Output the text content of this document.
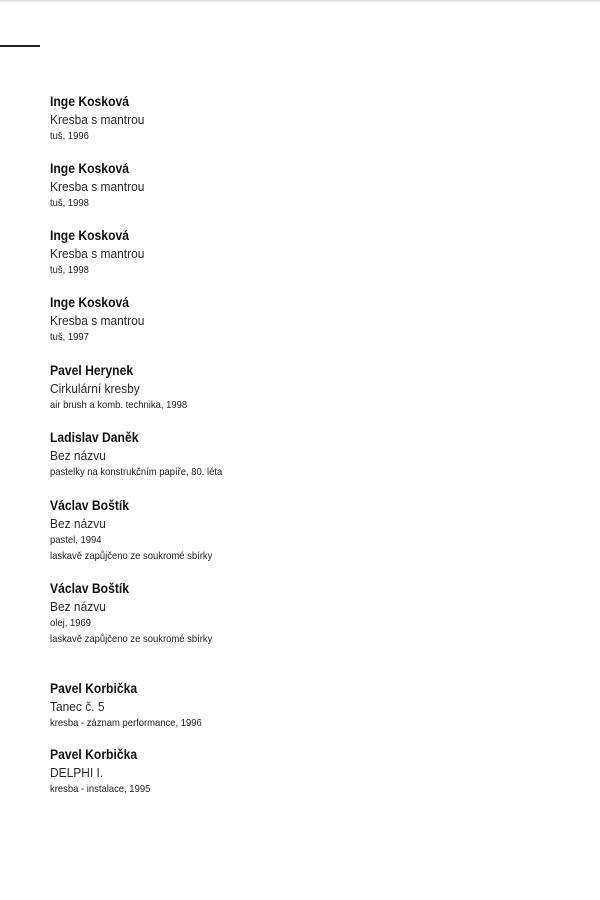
Inge Kosková
Kresba s mantrou
tuš, 1996
Inge Kosková
Kresba s mantrou
tuš, 1998
Inge Kosková
Kresba s mantrou
tuš, 1998
Inge Kosková
Kresba s mantrou
tuš, 1997
Pavel Herynek
Cirkulární kresby
air brush a komb. technika, 1998
Ladislav Daněk
Bez názvu
pastelky na konstrukčním papíře, 80. léta
Václav Boštík
Bez názvu
pastel, 1994
laskavě zapůjčeno ze soukromé sbírky
Václav Boštík
Bez názvu
olej, 1969
laskavě zapůjčeno ze soukromé sbírky
Pavel Korbička
Tanec č. 5
kresba - záznam performance, 1996
Pavel Korbička
DELPHI I.
kresba - instalace, 1995
